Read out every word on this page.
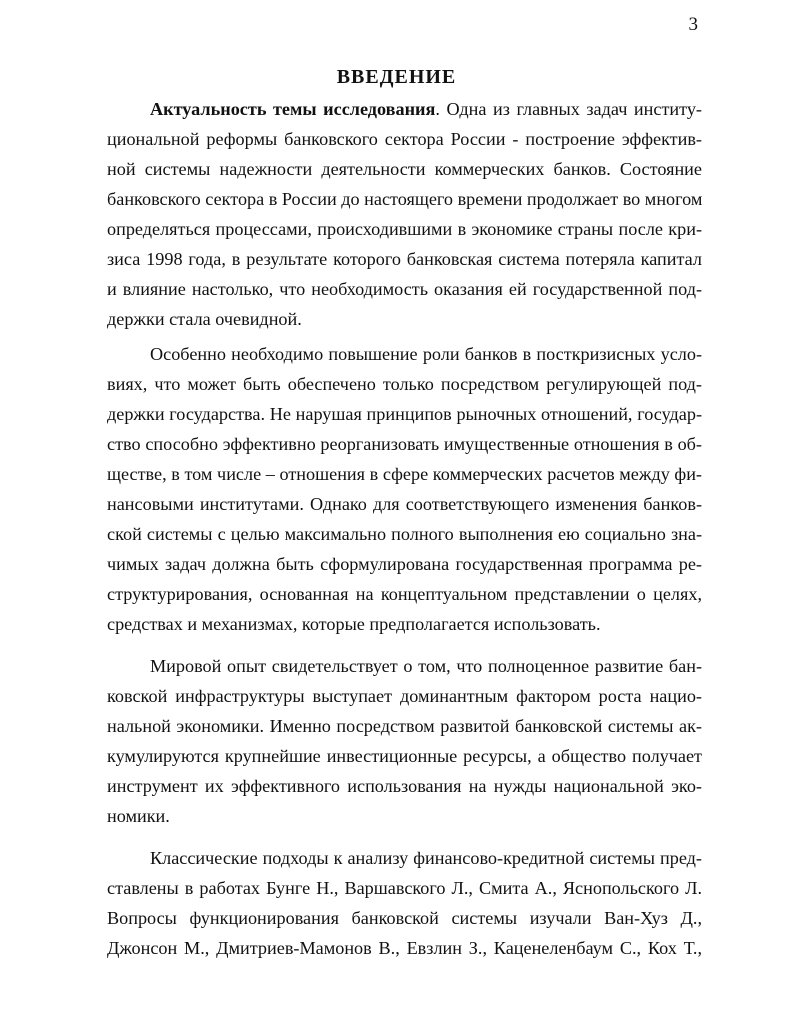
3
ВВЕДЕНИЕ
Актуальность темы исследования. Одна из главных задач институ-
циональной реформы банковского сектора России - построение эффектив-
ной системы надежности деятельности коммерческих банков. Состояние
банковского сектора в России до настоящего времени продолжает во многом
определяться процессами, происходившими в экономике страны после кри-
зиса 1998 года, в результате которого банковская система потеряла капитал
и влияние настолько, что необходимость оказания ей государственной под-
держки стала очевидной.
Особенно необходимо повышение роли банков в посткризисных усло-
виях, что может быть обеспечено только посредством регулирующей под-
держки государства. Не нарушая принципов рыночных отношений, государ-
ство способно эффективно реорганизовать имущественные отношения в об-
ществе, в том числе – отношения в сфере коммерческих расчетов между фи-
нансовыми институтами. Однако для соответствующего изменения банков-
ской системы с целью максимально полного выполнения ею социально зна-
чимых задач должна быть сформулирована государственная программа ре-
структурирования, основанная на концептуальном представлении о целях,
средствах и механизмах, которые предполагается использовать.
Мировой опыт свидетельствует о том, что полноценное развитие бан-
ковской инфраструктуры выступает доминантным фактором роста нацио-
нальной экономики. Именно посредством развитой банковской системы ак-
кумулируются крупнейшие инвестиционные ресурсы, а общество получает
инструмент их эффективного использования на нужды национальной эко-
номики.
Классические подходы к анализу финансово-кредитной системы пред-
ставлены в работах Бунге Н., Варшавского Л., Смита А., Яснопольского Л.
Вопросы функционирования банковской системы изучали Ван-Хуз Д.,
Джонсон М., Дмитриев-Мамонов В., Евзлин З., Каценеленбаум С., Кох Т.,
